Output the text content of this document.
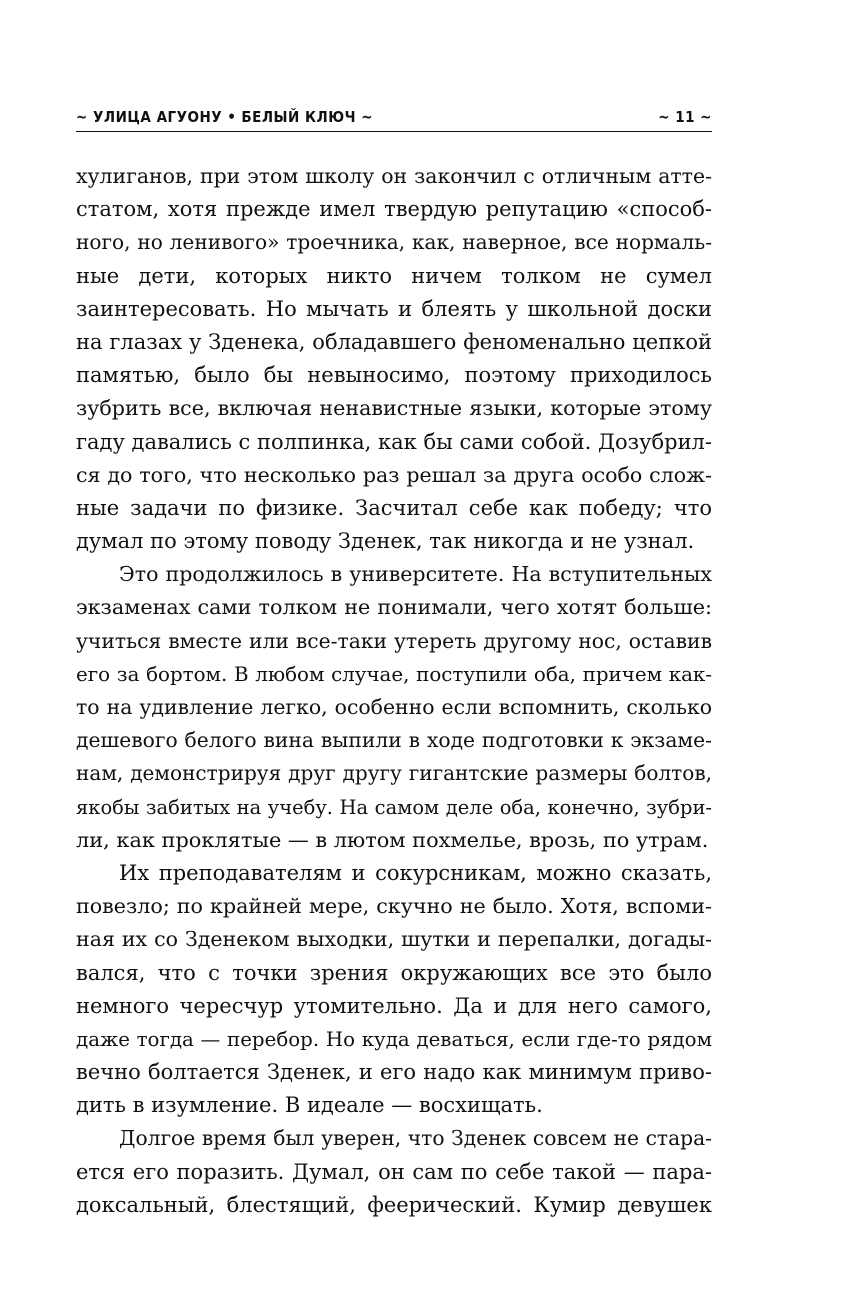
~ УЛИЦА АГУОНУ • БЕЛЫЙ КЛЮЧ ~	~ 11 ~
хулиганов, при этом школу он закончил с отличным атте-
статом, хотя прежде имел твердую репутацию «способ-
ного, но ленивого» троечника, как, наверное, все нормаль-
ные дети, которых никто ничем толком не сумел
заинтересовать. Но мычать и блеять у школьной доски
на глазах у Зденека, обладавшего феноменально цепкой
памятью, было бы невыносимо, поэтому приходилось
зубрить все, включая ненавистные языки, которые этому
гаду давались с полпинка, как бы сами собой. Дозубрил-
ся до того, что несколько раз решал за друга особо слож-
ные задачи по физике. Засчитал себе как победу; что
думал по этому поводу Зденек, так никогда и не узнал.
Это продолжилось в университете. На вступительных
экзаменах сами толком не понимали, чего хотят больше:
учиться вместе или все-таки утереть другому нос, оставив
его за бортом. В любом случае, поступили оба, причем как-
то на удивление легко, особенно если вспомнить, сколько
дешевого белого вина выпили в ходе подготовки к экзаме-
нам, демонстрируя друг другу гигантские размеры болтов,
якобы забитых на учебу. На самом деле оба, конечно, зубри-
ли, как проклятые — в лютом похмелье, врозь, по утрам.
Их преподавателям и сокурсникам, можно сказать,
повезло; по крайней мере, скучно не было. Хотя, вспоми-
ная их со Зденеком выходки, шутки и перепалки, догады-
вался, что с точки зрения окружающих все это было
немного чересчур утомительно. Да и для него самого,
даже тогда — перебор. Но куда деваться, если где-то рядом
вечно болтается Зденек, и его надо как минимум приво-
дить в изумление. В идеале — восхищать.
Долгое время был уверен, что Зденек совсем не стара-
ется его поразить. Думал, он сам по себе такой — пара-
доксальный, блестящий, феерический. Кумир девушек
